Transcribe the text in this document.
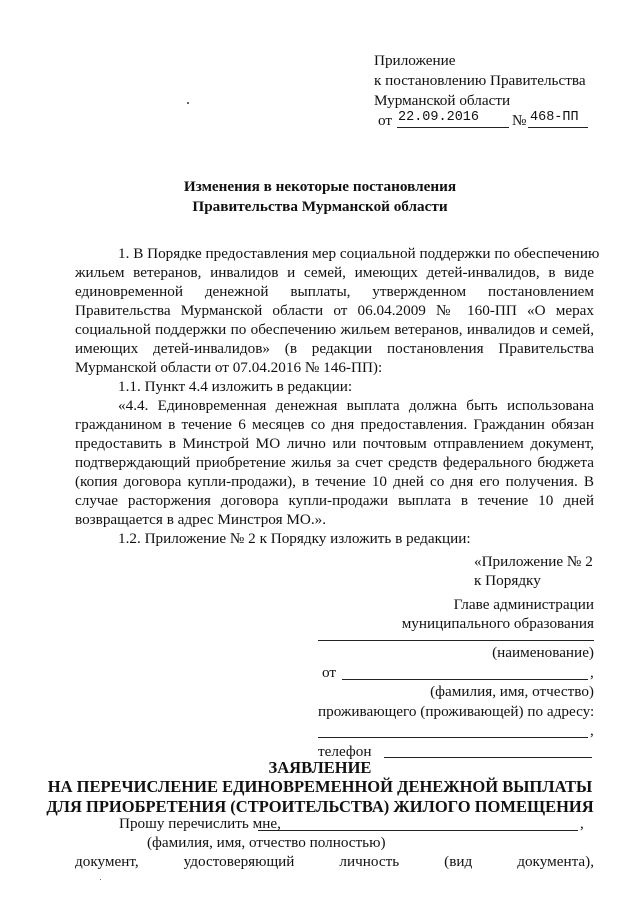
Приложение
к постановлению Правительства
Мурманской области
от 22.09.2016 № 468-ПП
Изменения в некоторые постановления
Правительства Мурманской области
1. В Порядке предоставления мер социальной поддержки по обеспечению
жильем ветеранов, инвалидов и семей, имеющих детей-инвалидов, в виде
единовременной денежной выплаты, утвержденном постановлением
Правительства Мурманской области от 06.04.2009 № 160-ПП «О мерах
социальной поддержки по обеспечению жильем ветеранов, инвалидов и семей,
имеющих детей-инвалидов» (в редакции постановления Правительства
Мурманской области от 07.04.2016 № 146-ПП):
1.1. Пункт 4.4 изложить в редакции:
«4.4. Единовременная денежная выплата должна быть использована
гражданином в течение 6 месяцев со дня предоставления. Гражданин обязан
предоставить в Минстрой МО лично или почтовым отправлением документ,
подтверждающий приобретение жилья за счет средств федерального бюджета
(копия договора купли-продажи), в течение 10 дней со дня его получения. В
случае расторжения договора купли-продажи выплата в течение 10 дней
возвращается в адрес Минстроя МО.».
1.2. Приложение № 2 к Порядку изложить в редакции:
«Приложение № 2
к Порядку
Главе администрации
муниципального образования
(наименование)
от	,
(фамилия, имя, отчество)
проживающего (проживающей) по адресу:
,
телефон
ЗАЯВЛЕНИЕ
НА ПЕРЕЧИСЛЕНИЕ ЕДИНОВРЕМЕННОЙ ДЕНЕЖНОЙ ВЫПЛАТЫ
ДЛЯ ПРИОБРЕТЕНИЯ (СТРОИТЕЛЬСТВА) ЖИЛОГО ПОМЕЩЕНИЯ
Прошу перечислить мне,	,
(фамилия, имя, отчество полностью)
документ, удостоверяющий личность (вид документа),
